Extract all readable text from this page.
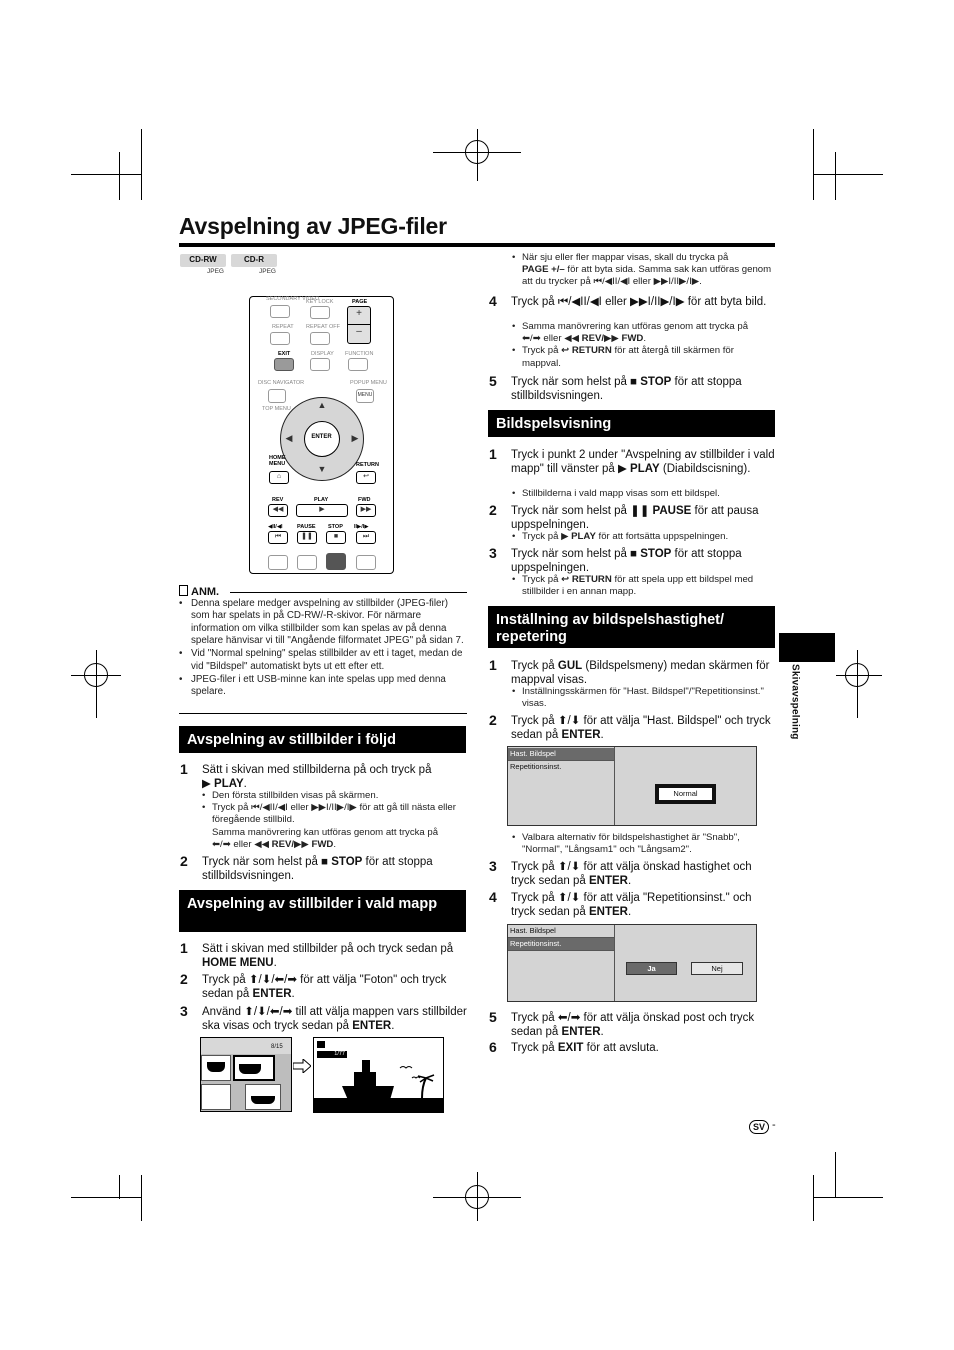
Avspelning av JPEG-filer
CD-RW
JPEG
CD-R
JPEG
SECONDARY VIDEO
KEY LOCK	PAGE
+
–
REPEAT REPEAT OFF
EXIT	DISPLAY FUNCTION
DISC NAVIGATOR	POPUP MENU
MENU
TOP MENU	▲
▼
◀	▶
ENTER
HOME MENU
⌂
RETURN
↩
REV	PLAY	FWD
◀◀	▶	▶▶
◀II/◀I	PAUSE STOP II▶/I▶
⏮	❚❚	■	⏭
ANM.
• Denna spelare medger avspelning av stillbilder (JPEG-filer) som har spelats in på CD-RW/-R-skivor. För närmare information om vilka stillbilder som kan spelas av på denna spelare hänvisar vi till "Angående filformatet JPEG" på sidan 7.
• Vid "Normal spelning" spelas stillbilder av ett i taget, medan de vid "Bildspel" automatiskt byts ut ett efter ett.
• JPEG-filer i ett USB-minne kan inte spelas upp med denna spelare.
Avspelning av stillbilder i följd
1 Sätt i skivan med stillbilderna på och tryck på
▶ PLAY.
• Den första stillbilden visas på skärmen.
• Tryck på ⏮/◀II/◀I eller ▶▶I/II▶/I▶ för att gå till nästa eller föregående stillbild.
Samma manövrering kan utföras genom att trycka på
⬅/➡ eller ◀◀ REV/▶▶ FWD.
2 Tryck när som helst på ■ STOP för att stoppa stillbildsvisningen.
Avspelning av stillbilder i vald mapp
1 Sätt i skivan med stillbilder på och tryck sedan på HOME MENU.
2 Tryck på ⬆/⬇/⬅/➡ för att välja "Foton" och tryck sedan på ENTER.
3 Använd ⬆/⬇/⬅/➡ till att välja mappen vars stillbilder ska visas och tryck sedan på ENTER.
8/15
1/77
• När sju eller fler mappar visas, skall du trycka på
PAGE +/– för att byta sida. Samma sak kan utföras genom att du trycker på ⏮/◀II/◀I eller ▶▶I/II▶/I▶.
4 Tryck på ⏮/◀II/◀I eller ▶▶I/II▶/I▶ för att byta bild.
• Samma manövrering kan utföras genom att trycka på
⬅/➡ eller ◀◀ REV/▶▶ FWD.
• Tryck på ↩ RETURN för att återgå till skärmen för mappval.
5 Tryck när som helst på ■ STOP för att stoppa stillbildsvisningen.
Bildspelsvisning
1 Tryck i punkt 2 under "Avspelning av stillbilder i vald mapp" till vänster på ▶ PLAY (Diabildscisning).
• Stillbilderna i vald mapp visas som ett bildspel.
2 Tryck när som helst på ❚❚ PAUSE för att pausa uppspelningen.
• Tryck på ▶ PLAY för att fortsätta uppspelningen.
3 Tryck när som helst på ■ STOP för att stoppa uppspelningen.
• Tryck på ↩ RETURN för att spela upp ett bildspel med stillbilder i en annan mapp.
Inställning av bildspelshastighet/ repetering
1 Tryck på GUL (Bildspelsmeny) medan skärmen för mappval visas.
• Inställningsskärmen för "Hast. Bildspel"/"Repetitionsinst." visas.
2 Tryck på ⬆/⬇ för att välja "Hast. Bildspel" och tryck sedan på ENTER.
Hast. Bildspel
Repetitionsinst.
Normal
• Valbara alternativ för bildspelshastighet är "Snabb", "Normal", "Långsam1" och "Långsam2".
3 Tryck på ⬆/⬇ för att välja önskad hastighet och tryck sedan på ENTER.
4 Tryck på ⬆/⬇ för att välja "Repetitionsinst." och tryck sedan på ENTER.
Hast. Bildspel
Repetitionsinst.
Ja	Nej
5 Tryck på ⬅/➡ för att välja önskad post och tryck sedan på ENTER.
6 Tryck på EXIT för att avsluta.
Skivavspelning
SV -
